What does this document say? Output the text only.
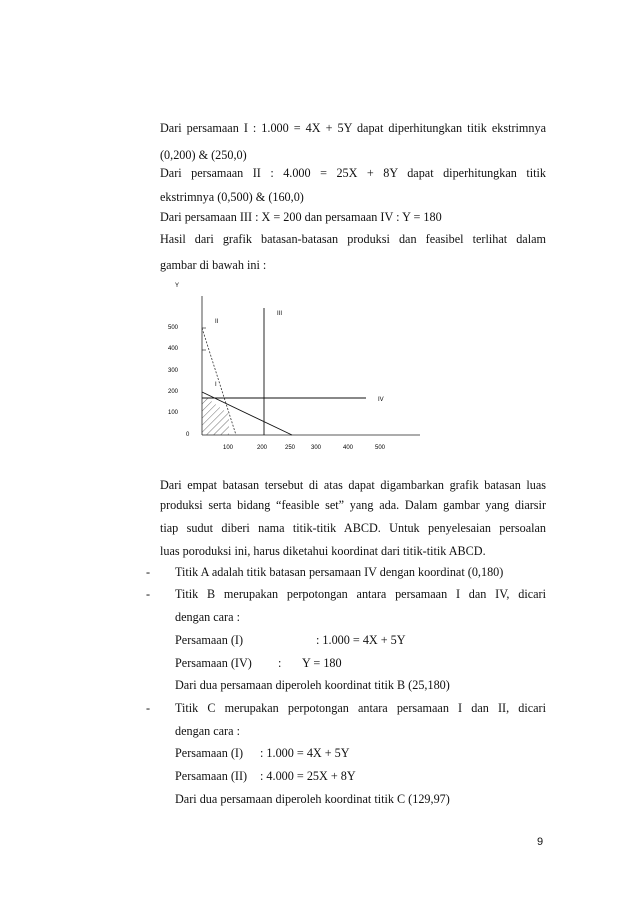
Dari persamaan I : 1.000 = 4X + 5Y dapat diperhitungkan titik ekstrimnya
(0,200) & (250,0)
Dari persamaan II : 4.000 = 25X + 8Y dapat diperhitungkan titik
ekstrimnya (0,500) & (160,0)
Dari persamaan III : X = 200 dan persamaan IV : Y = 180
Hasil dari grafik batasan-batasan produksi dan feasibel terlihat dalam
gambar di bawah ini :
Y
500
400
300
200
100
0
II
III
I
IV
100	200	250	300	400	500
Dari empat batasan tersebut di atas dapat digambarkan grafik batasan luas
produksi serta bidang “feasible set” yang ada. Dalam gambar yang diarsir
tiap sudut diberi nama titik-titik ABCD. Untuk penyelesaian persoalan
luas poroduksi ini, harus diketahui koordinat dari titik-titik ABCD.
- Titik A adalah titik batasan persamaan IV dengan koordinat (0,180)
- Titik B merupakan perpotongan antara persamaan I dan IV, dicari
dengan cara :
Persamaan (I)	: 1.000 = 4X + 5Y
Persamaan (IV) : Y = 180
Dari dua persamaan diperoleh koordinat titik B (25,180)
- Titik C merupakan perpotongan antara persamaan I dan II, dicari
dengan cara :
Persamaan (I) : 1.000 = 4X + 5Y
Persamaan (II) : 4.000 = 25X + 8Y
Dari dua persamaan diperoleh koordinat titik C (129,97)
9
